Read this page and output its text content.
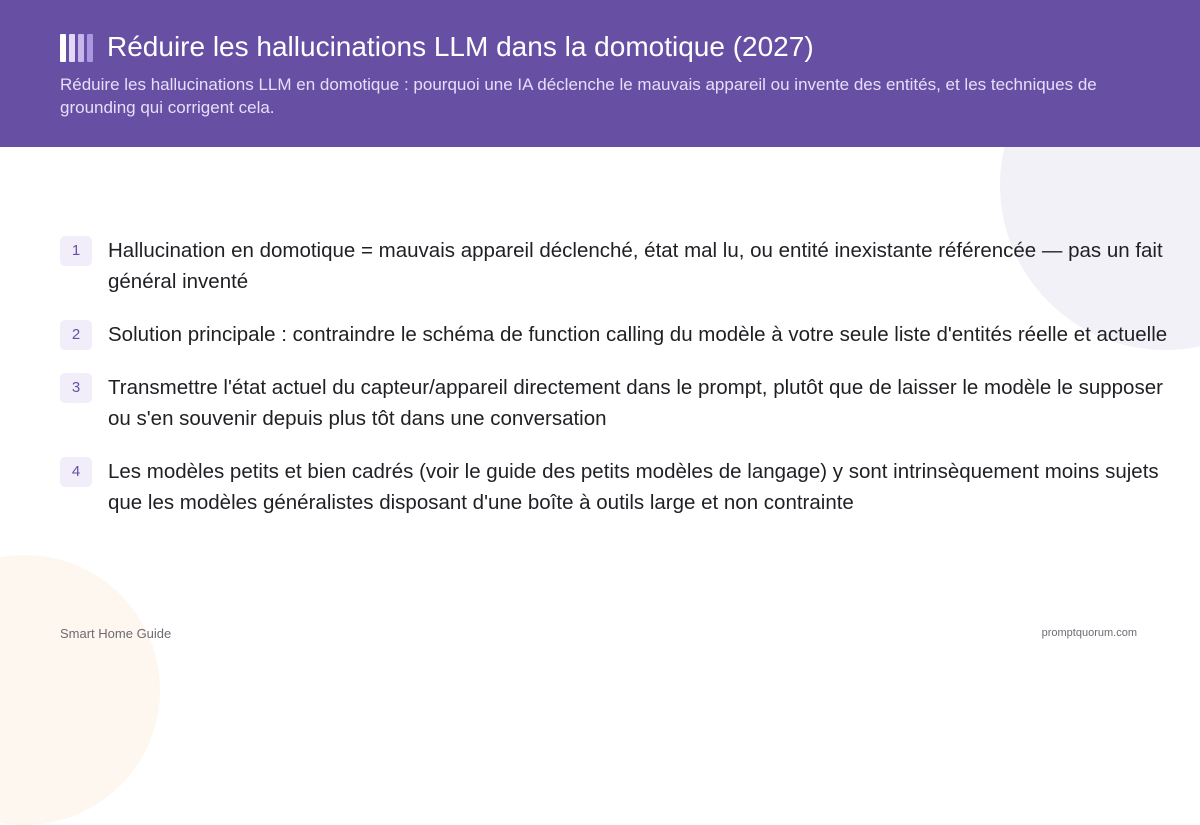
Réduire les hallucinations LLM dans la domotique (2027)

Réduire les hallucinations LLM en domotique : pourquoi une IA déclenche le mauvais appareil ou invente des entités, et les techniques de grounding qui corrigent cela.

1	Hallucination en domotique = mauvais appareil déclenché, état mal lu, ou entité inexistante référencée — pas un fait général inventé
2	Solution principale : contraindre le schéma de function calling du modèle à votre seule liste d'entités réelle et actuelle
3	Transmettre l'état actuel du capteur/appareil directement dans le prompt, plutôt que de laisser le modèle le supposer ou s'en souvenir depuis plus tôt dans une conversation
4	Les modèles petits et bien cadrés (voir le guide des petits modèles de langage) y sont intrinsèquement moins sujets que les modèles généralistes disposant d'une boîte à outils large et non contrainte
Smart Home Guide	promptquorum.com
